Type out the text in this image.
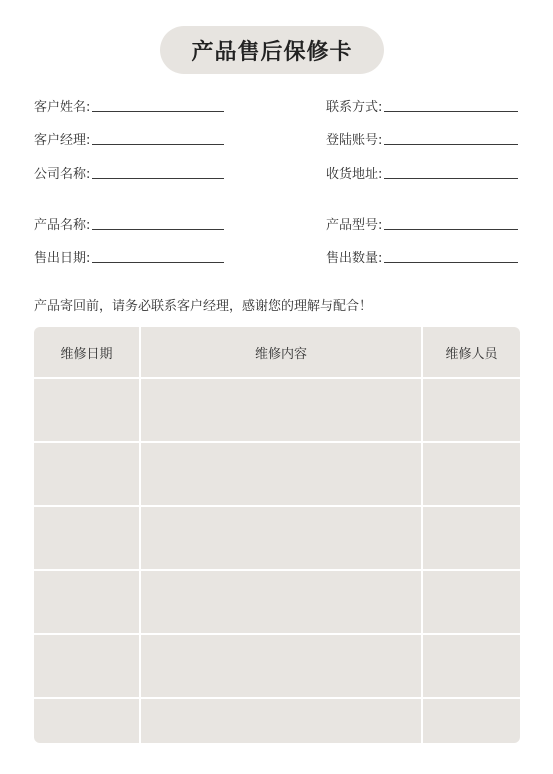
产品售后保修卡
客户姓名:	联系方式:
客户经理:	登陆账号:
公司名称:	收货地址:
产品名称:	产品型号:
售出日期:	售出数量:
产品寄回前，请务必联系客户经理，感谢您的理解与配合！
维修日期	维修内容	维修人员
